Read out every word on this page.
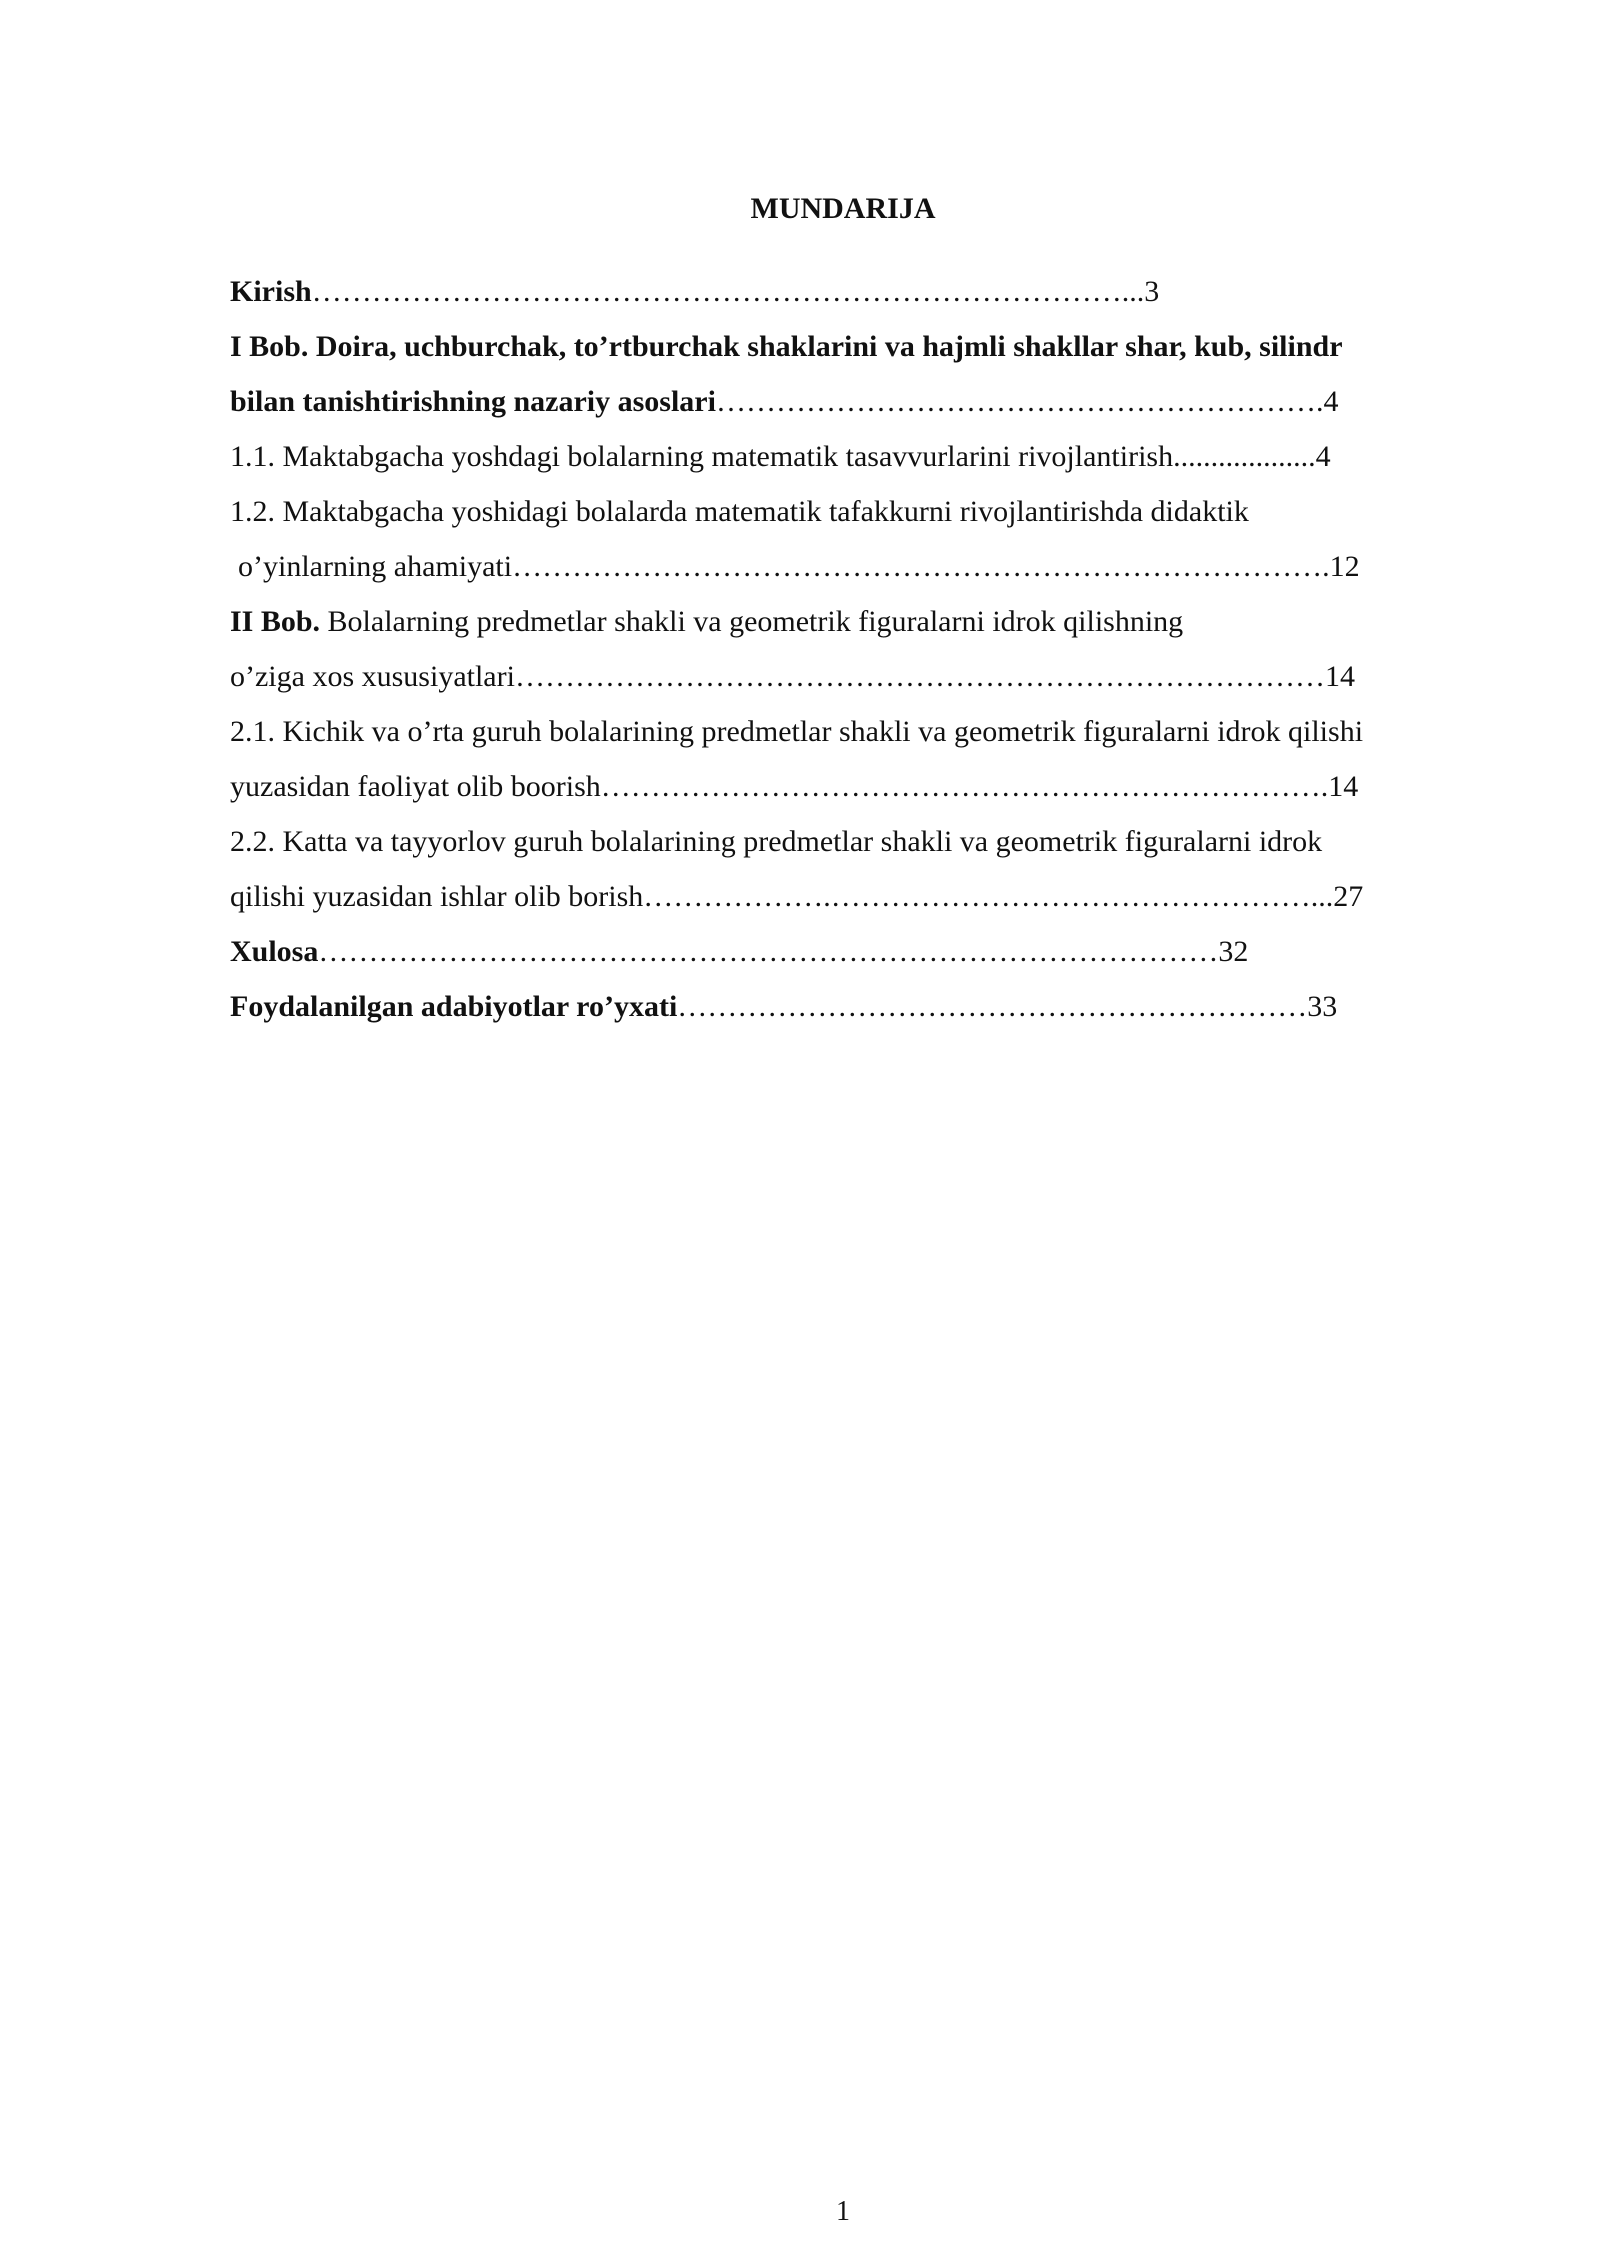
MUNDARIJA
Kirish………………………………………………………………………...3
I Bob. Doira, uchburchak, to’rtburchak shaklarini va hajmli shakllar shar, kub, silindr
bilan tanishtirishning nazariy asoslari…………………………………………………….4
1.1. Maktabgacha yoshdagi bolalarning matematik tasavvurlarini rivojlantirish...................4
1.2. Maktabgacha yoshidagi bolalarda matematik tafakkurni rivojlantirishda didaktik
o’yinlarning ahamiyati……………………………………………………………………….12
II Bob. Bolalarning predmetlar shakli va geometrik figuralarni idrok qilishning
o’ziga xos xususiyatlari………………………………………………………………………14
2.1. Kichik va o’rta guruh bolalarining predmetlar shakli va geometrik figuralarni idrok qilishi
yuzasidan faoliyat olib boorish……………………………………………………………….14
2.2. Katta va tayyorlov guruh bolalarining predmetlar shakli va geometrik figuralarni idrok
qilishi yuzasidan ishlar olib borish……………….…………………………………………...27
Xulosa………………………………………………………………………………32
Foydalanilgan adabiyotlar ro’yxati………………………………………………………33
1
